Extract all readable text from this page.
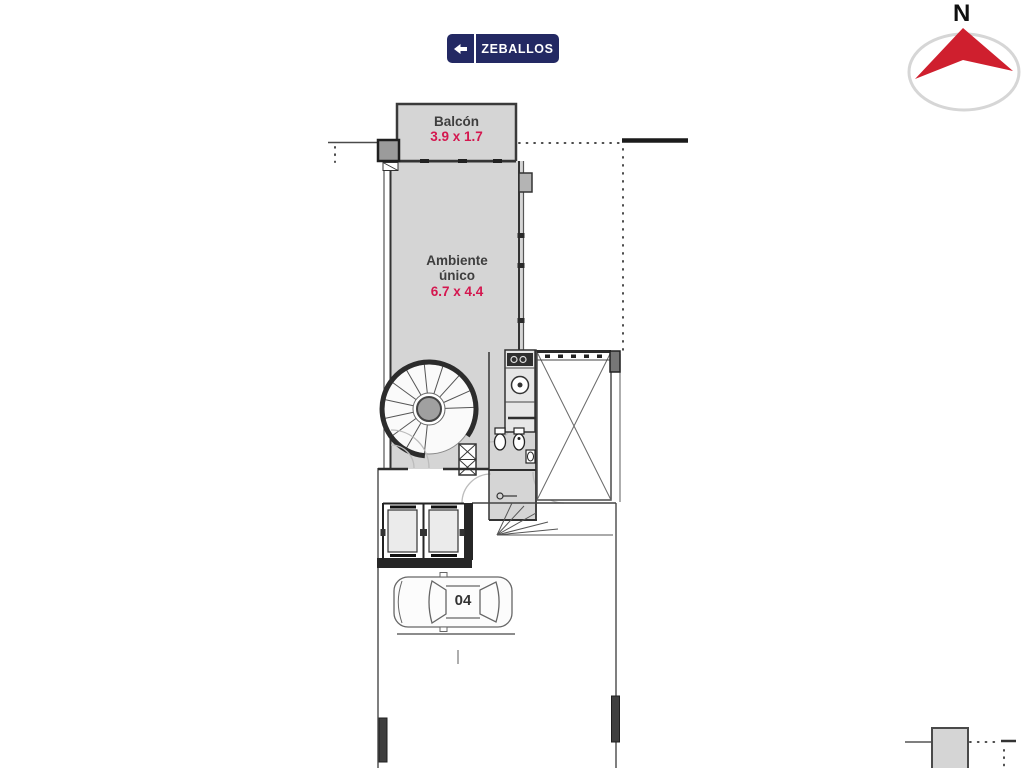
ZEBALLOS
N
Balcón
3.9 x 1.7
Ambiente único
6.7 x 4.4
04
